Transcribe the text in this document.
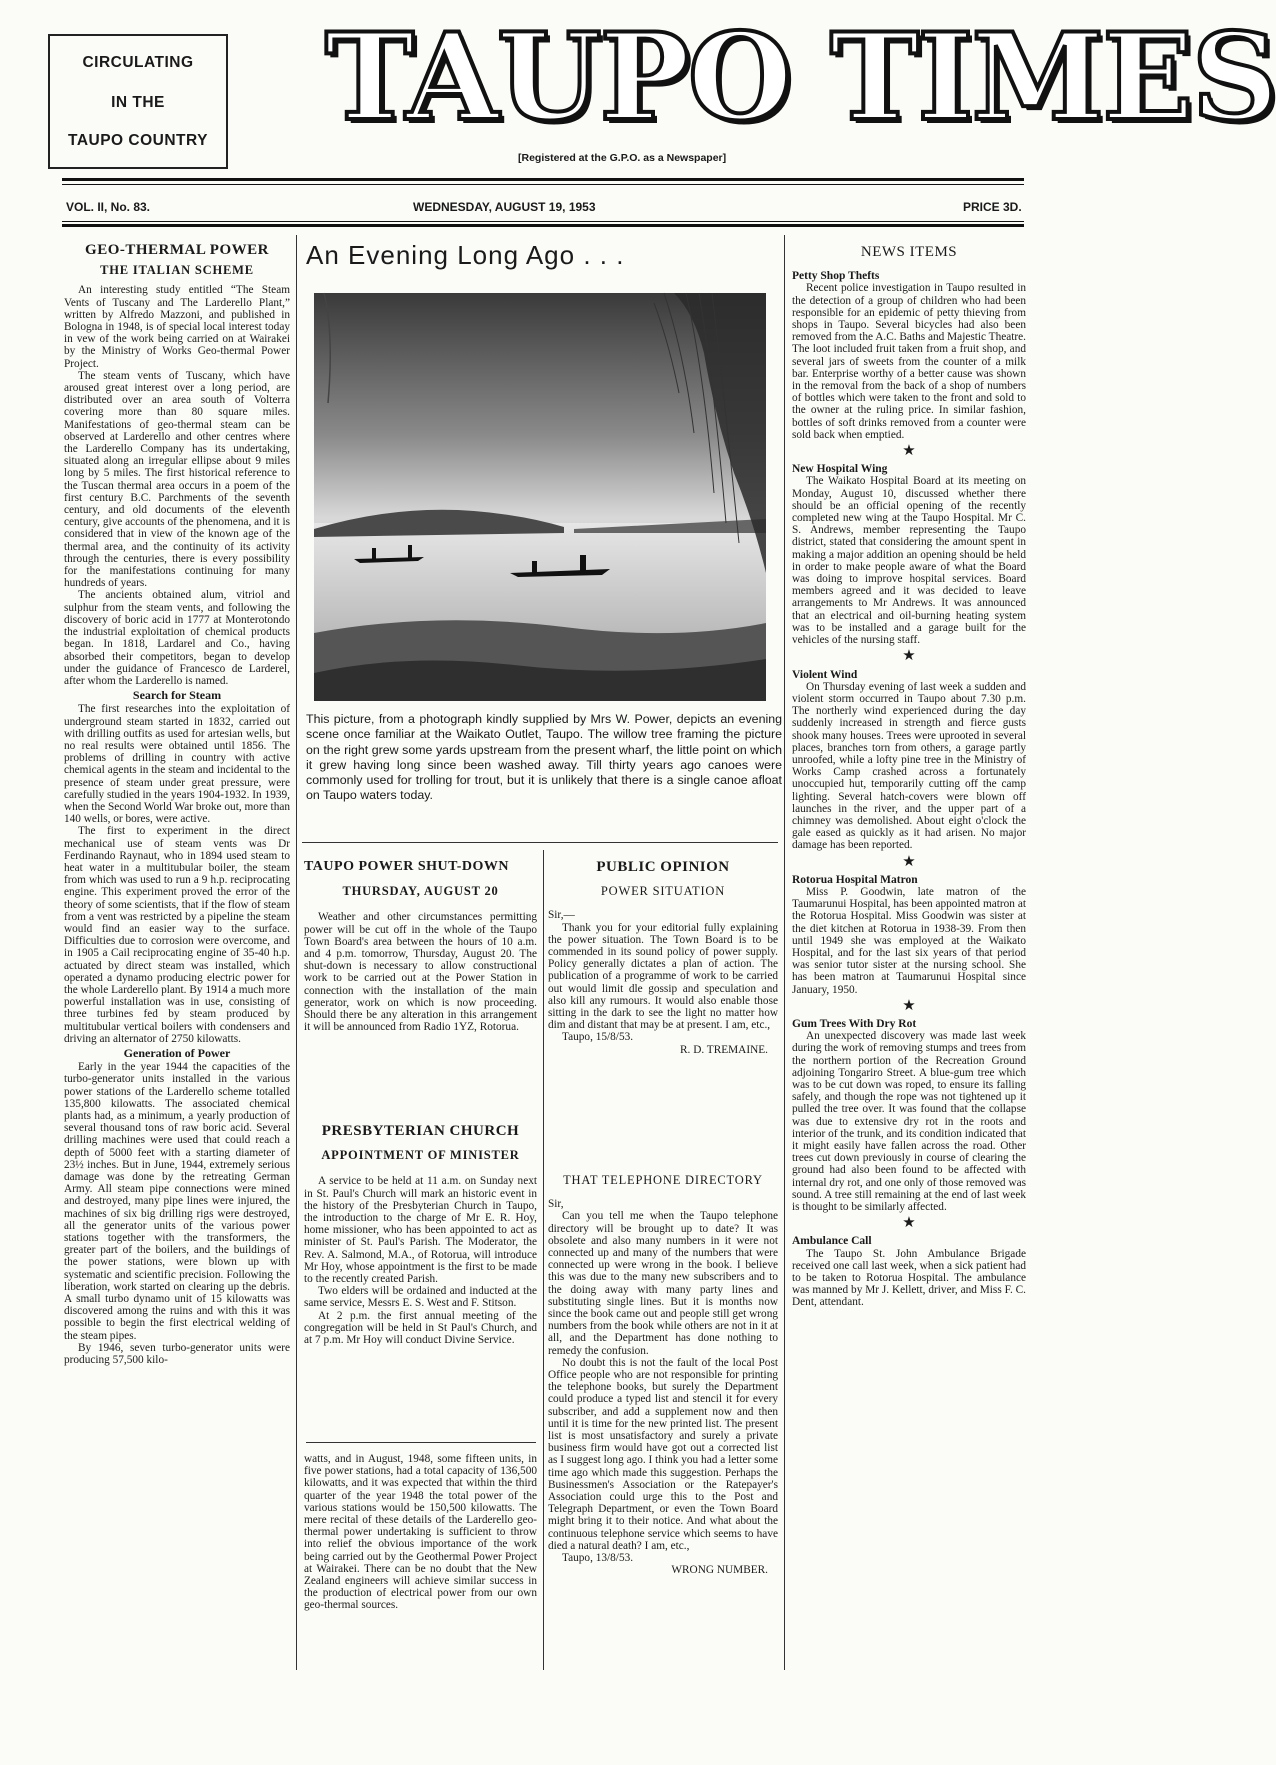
CIRCULATING
IN THE
TAUPO COUNTRY TAUPO TIMES
[Registered at the G.P.O. as a Newspaper]
VOL. II, No. 83.	WEDNESDAY, AUGUST 19, 1953	PRICE 3D.
GEO-THERMAL POWER
THE ITALIAN SCHEME

An interesting study entitled “The Steam Vents of Tuscany and The Larderello Plant,” written by Alfredo Mazzoni, and published in Bologna in 1948, is of special local interest today in vew of the work being carried on at Wairakei by the Ministry of Works Geo-thermal Power Project.

The steam vents of Tuscany, which have aroused great interest over a long period, are distributed over an area south of Volterra covering more than 80 square miles. Manifestations of geo-thermal steam can be observed at Larderello and other centres where the Larderello Company has its undertaking, situated along an irregular ellipse about 9 miles long by 5 miles. The first historical reference to the Tuscan thermal area occurs in a poem of the first century B.C. Parchments of the seventh century, and old documents of the eleventh century, give accounts of the phenomena, and it is considered that in view of the known age of the thermal area, and the continuity of its activity through the centuries, there is every possibility for the manifestations continuing for many hundreds of years.

The ancients obtained alum, vitriol and sulphur from the steam vents, and following the discovery of boric acid in 1777 at Monterotondo the industrial exploitation of chemical products began. In 1818, Lardarel and Co., having absorbed their competitors, began to develop under the guidance of Francesco de Larderel, after whom the Larderello is named.

Search for Steam

The first researches into the exploitation of underground steam started in 1832, carried out with drilling outfits as used for artesian wells, but no real results were obtained until 1856. The problems of drilling in country with active chemical agents in the steam and incidental to the presence of steam under great pressure, were carefully studied in the years 1904-1932. In 1939, when the Second World War broke out, more than 140 wells, or bores, were active.

The first to experiment in the direct mechanical use of steam vents was Dr Ferdinando Raynaut, who in 1894 used steam to heat water in a multitubular boiler, the steam from which was used to run a 9 h.p. reciprocating engine. This experiment proved the error of the theory of some scientists, that if the flow of steam from a vent was restricted by a pipeline the steam would find an easier way to the surface. Difficulties due to corrosion were overcome, and in 1905 a Cail reciprocating engine of 35-40 h.p. actuated by direct steam was installed, which operated a dynamo producing electric power for the whole Larderello plant. By 1914 a much more powerful installation was in use, consisting of three turbines fed by steam produced by multitubular vertical boilers with condensers and driving an alternator of 2750 kilowatts.

Generation of Power

Early in the year 1944 the capacities of the turbo-generator units installed in the various power stations of the Larderello scheme totalled 135,800 kilowatts. The associated chemical plants had, as a minimum, a yearly production of several thousand tons of raw boric acid. Several drilling machines were used that could reach a depth of 5000 feet with a starting diameter of 23½ inches. But in June, 1944, extremely serious damage was done by the retreating German Army. All steam pipe connections were mined and destroyed, many pipe lines were injured, the machines of six big drilling rigs were destroyed, all the generator units of the various power stations together with the transformers, the greater part of the boilers, and the buildings of the power stations, were blown up with systematic and scientific precision. Following the liberation, work started on clearing up the debris. A small turbo dynamo unit of 15 kilowatts was discovered among the ruins and with this it was possible to begin the first electrical welding of the steam pipes.

By 1946, seven turbo-generator units were producing 57,500 kilo-

An Evening Long Ago . . .
This picture, from a photograph kindly supplied by Mrs W. Power, depicts an evening scene once familiar at the Waikato Outlet, Taupo. The willow tree framing the picture on the right grew some yards upstream from the present wharf, the little point on which it grew having long since been washed away. Till thirty years ago canoes were commonly used for trolling for trout, but it is unlikely that there is a single canoe afloat on Taupo waters today.
TAUPO POWER SHUT-DOWN
THURSDAY, AUGUST 20

Weather and other circumstances permitting power will be cut off in the whole of the Taupo Town Board's area between the hours of 10 a.m. and 4 p.m. tomorrow, Thursday, August 20. The shut-down is necessary to allow constructional work to be carried out at the Power Station in connection with the installation of the main generator, work on which is now proceeding. Should there be any alteration in this arrangement it will be announced from Radio 1YZ, Rotorua.

PRESBYTERIAN CHURCH
APPOINTMENT OF MINISTER

A service to be held at 11 a.m. on Sunday next in St. Paul's Church will mark an historic event in the history of the Presbyterian Church in Taupo, the introduction to the charge of Mr E. R. Hoy, home missioner, who has been appointed to act as minister of St. Paul's Parish. The Moderator, the Rev. A. Salmond, M.A., of Rotorua, will introduce Mr Hoy, whose appointment is the first to be made to the recently created Parish.

Two elders will be ordained and inducted at the same service, Messrs E. S. West and F. Stitson.

At 2 p.m. the first annual meeting of the congregation will be held in St Paul's Church, and at 7 p.m. Mr Hoy will conduct Divine Service.

watts, and in August, 1948, some fifteen units, in five power stations, had a total capacity of 136,500 kilowatts, and it was expected that within the third quarter of the year 1948 the total power of the various stations would be 150,500 kilowatts. The mere recital of these details of the Larderello geo-thermal power undertaking is sufficient to throw into relief the obvious importance of the work being carried out by the Geothermal Power Project at Wairakei. There can be no doubt that the New Zealand engineers will achieve similar success in the production of electrical power from our own geo-thermal sources.

PUBLIC OPINION
POWER SITUATION

Sir,—

Thank you for your editorial fully explaining the power situation. The Town Board is to be commended in its sound policy of power supply. Policy generally dictates a plan of action. The publication of a programme of work to be carried out would limit dle gossip and speculation and also kill any rumours. It would also enable those sitting in the dark to see the light no matter how dim and distant that may be at present. I am, etc.,

Taupo, 15/8/53.

R. D. TREMAINE.

THAT TELEPHONE DIRECTORY

Sir,

Can you tell me when the Taupo telephone directory will be brought up to date? It was obsolete and also many numbers in it were not connected up and many of the numbers that were connected up were wrong in the book. I believe this was due to the many new subscribers and to the doing away with many party lines and substituting single lines. But it is months now since the book came out and people still get wrong numbers from the book while others are not in it at all, and the Department has done nothing to remedy the confusion.

No doubt this is not the fault of the local Post Office people who are not responsible for printing the telephone books, but surely the Department could produce a typed list and stencil it for every subscriber, and add a supplement now and then until it is time for the new printed list. The present list is most unsatisfactory and surely a private business firm would have got out a corrected list as I suggest long ago. I think you had a letter some time ago which made this suggestion. Perhaps the Businessmen's Association or the Ratepayer's Association could urge this to the Post and Telegraph Department, or even the Town Board might bring it to their notice. And what about the continuous telephone service which seems to have died a natural death? I am, etc.,

Taupo, 13/8/53.

WRONG NUMBER.

NEWS ITEMS
Petty Shop Thefts

Recent police investigation in Taupo resulted in the detection of a group of children who had been responsible for an epidemic of petty thieving from shops in Taupo. Several bicycles had also been removed from the A.C. Baths and Majestic Theatre. The loot included fruit taken from a fruit shop, and several jars of sweets from the counter of a milk bar. Enterprise worthy of a better cause was shown in the removal from the back of a shop of numbers of bottles which were taken to the front and sold to the owner at the ruling price. In similar fashion, bottles of soft drinks removed from a counter were sold back when emptied.

★
New Hospital Wing

The Waikato Hospital Board at its meeting on Monday, August 10, discussed whether there should be an official opening of the recently completed new wing at the Taupo Hospital. Mr C. S. Andrews, member representing the Taupo district, stated that considering the amount spent in making a major addition an opening should be held in order to make people aware of what the Board was doing to improve hospital services. Board members agreed and it was decided to leave arrangements to Mr Andrews. It was announced that an electrical and oil-burning heating system was to be installed and a garage built for the vehicles of the nursing staff.

★
Violent Wind

On Thursday evening of last week a sudden and violent storm occurred in Taupo about 7.30 p.m. The northerly wind experienced during the day suddenly increased in strength and fierce gusts shook many houses. Trees were uprooted in several places, branches torn from others, a garage partly unroofed, while a lofty pine tree in the Ministry of Works Camp crashed across a fortunately unoccupied hut, temporarily cutting off the camp lighting. Several hatch-covers were blown off launches in the river, and the upper part of a chimney was demolished. About eight o'clock the gale eased as quickly as it had arisen. No major damage has been reported.

★
Rotorua Hospital Matron

Miss P. Goodwin, late matron of the Taumarunui Hospital, has been appointed matron at the Rotorua Hospital. Miss Goodwin was sister at the diet kitchen at Rotorua in 1938-39. From then until 1949 she was employed at the Waikato Hospital, and for the last six years of that period was senior tutor sister at the nursing school. She has been matron at Taumarunui Hospital since January, 1950.

★
Gum Trees With Dry Rot

An unexpected discovery was made last week during the work of removing stumps and trees from the northern portion of the Recreation Ground adjoining Tongariro Street. A blue-gum tree which was to be cut down was roped, to ensure its falling safely, and though the rope was not tightened up it pulled the tree over. It was found that the collapse was due to extensive dry rot in the roots and interior of the trunk, and its condition indicated that it might easily have fallen across the road. Other trees cut down previously in course of clearing the ground had also been found to be affected with internal dry rot, and one only of those removed was sound. A tree still remaining at the end of last week is thought to be similarly affected.

★
Ambulance Call

The Taupo St. John Ambulance Brigade received one call last week, when a sick patient had to be taken to Rotorua Hospital. The ambulance was manned by Mr J. Kellett, driver, and Miss F. C. Dent, attendant.
